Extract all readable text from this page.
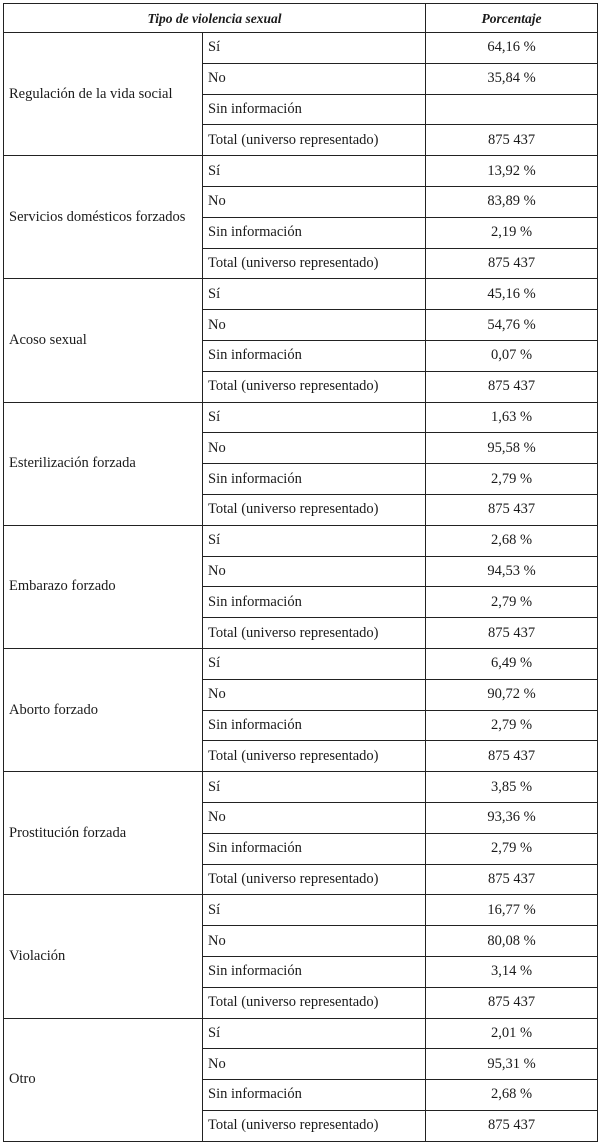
Tipo de violencia sexual		Porcentaje
Regulación de la vida social	Sí	64,16 %
	No	35,84 %
	Sin información	
	Total (universo representado)	875 437
Servicios domésticos forzados	Sí	13,92 %
	No	83,89 %
	Sin información	2,19 %
	Total (universo representado)	875 437
Acoso sexual	Sí	45,16 %
	No	54,76 %
	Sin información	0,07 %
	Total (universo representado)	875 437
Esterilización forzada	Sí	1,63 %
	No	95,58 %
	Sin información	2,79 %
	Total (universo representado)	875 437
Embarazo forzado	Sí	2,68 %
	No	94,53 %
	Sin información	2,79 %
	Total (universo representado)	875 437
Aborto forzado	Sí	6,49 %
	No	90,72 %
	Sin información	2,79 %
	Total (universo representado)	875 437
Prostitución forzada	Sí	3,85 %
	No	93,36 %
	Sin información	2,79 %
	Total (universo representado)	875 437
Violación	Sí	16,77 %
	No	80,08 %
	Sin información	3,14 %
	Total (universo representado)	875 437
Otro	Sí	2,01 %
	No	95,31 %
	Sin información	2,68 %
	Total (universo representado)	875 437
